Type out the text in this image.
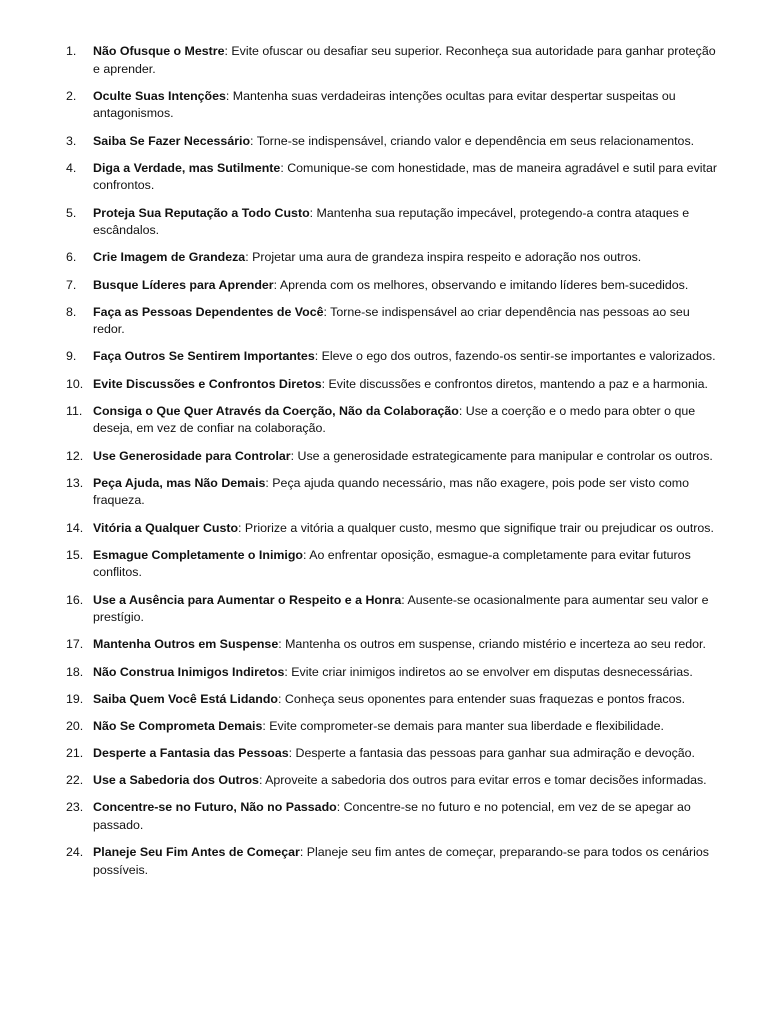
1.	Não Ofusque o Mestre: Evite ofuscar ou desafiar seu superior. Reconheça sua autoridade para ganhar proteção e aprender.
2.	Oculte Suas Intenções: Mantenha suas verdadeiras intenções ocultas para evitar despertar suspeitas ou antagonismos.
3.	Saiba Se Fazer Necessário: Torne-se indispensável, criando valor e dependência em seus relacionamentos.
4.	Diga a Verdade, mas Sutilmente: Comunique-se com honestidade, mas de maneira agradável e sutil para evitar confrontos.
5.	Proteja Sua Reputação a Todo Custo: Mantenha sua reputação impecável, protegendo-a contra ataques e escândalos.
6.	Crie Imagem de Grandeza: Projetar uma aura de grandeza inspira respeito e adoração nos outros.
7.	Busque Líderes para Aprender: Aprenda com os melhores, observando e imitando líderes bem-sucedidos.
8.	Faça as Pessoas Dependentes de Você: Torne-se indispensável ao criar dependência nas pessoas ao seu redor.
9.	Faça Outros Se Sentirem Importantes: Eleve o ego dos outros, fazendo-os sentir-se importantes e valorizados.
10. Evite Discussões e Confrontos Diretos: Evite discussões e confrontos diretos, mantendo a paz e a harmonia.
11. Consiga o Que Quer Através da Coerção, Não da Colaboração: Use a coerção e o medo para obter o que deseja, em vez de confiar na colaboração.
12. Use Generosidade para Controlar: Use a generosidade estrategicamente para manipular e controlar os outros.
13. Peça Ajuda, mas Não Demais: Peça ajuda quando necessário, mas não exagere, pois pode ser visto como fraqueza.
14. Vitória a Qualquer Custo: Priorize a vitória a qualquer custo, mesmo que signifique trair ou prejudicar os outros.
15. Esmague Completamente o Inimigo: Ao enfrentar oposição, esmague-a completamente para evitar futuros conflitos.
16. Use a Ausência para Aumentar o Respeito e a Honra: Ausente-se ocasionalmente para aumentar seu valor e prestígio.
17. Mantenha Outros em Suspense: Mantenha os outros em suspense, criando mistério e incerteza ao seu redor.
18. Não Construa Inimigos Indiretos: Evite criar inimigos indiretos ao se envolver em disputas desnecessárias.
19. Saiba Quem Você Está Lidando: Conheça seus oponentes para entender suas fraquezas e pontos fracos.
20. Não Se Comprometa Demais: Evite comprometer-se demais para manter sua liberdade e flexibilidade.
21. Desperte a Fantasia das Pessoas: Desperte a fantasia das pessoas para ganhar sua admiração e devoção.
22. Use a Sabedoria dos Outros: Aproveite a sabedoria dos outros para evitar erros e tomar decisões informadas.
23. Concentre-se no Futuro, Não no Passado: Concentre-se no futuro e no potencial, em vez de se apegar ao passado.
24. Planeje Seu Fim Antes de Começar: Planeje seu fim antes de começar, preparando-se para todos os cenários possíveis.
